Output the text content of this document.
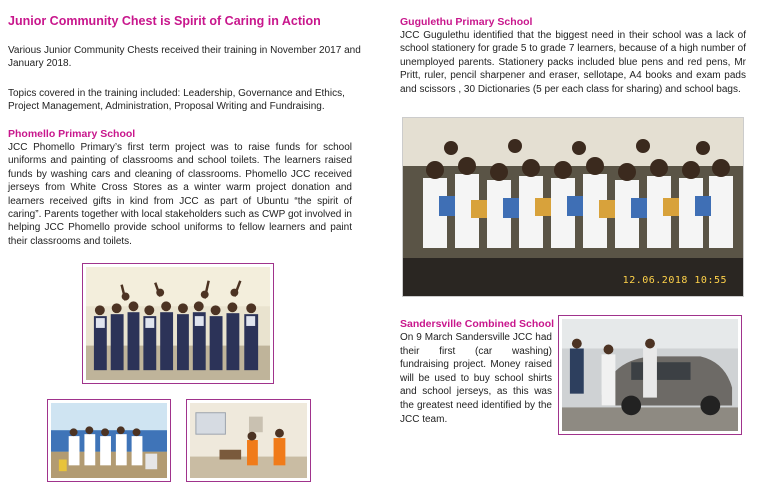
Junior Community Chest is Spirit of Caring in Action
Various Junior Community Chests received their training in November 2017 and January 2018.
Topics covered in the training included: Leadership, Governance and Ethics, Project Management, Administration, Proposal Writing and Fundraising.
Phomello Primary School
JCC Phomello Primary’s first term project was to raise funds for school uniforms and painting of classrooms and school toilets. The learners raised funds by washing cars and cleaning of classrooms. Phomello JCC received jerseys from White Cross Stores as a winter warm project donation and learners received gifts in kind from JCC as part of Ubuntu “the spirit of caring”. Parents together with local stakeholders such as CWP got involved in helping JCC Phomello provide school uniforms to fellow learners and paint their classrooms and toilets.
Gugulethu Primary School
JCC Gugulethu identified that the biggest need in their school was a lack of school stationery for grade 5 to grade 7 learners, because of a high number of unemployed parents. Stationery packs included blue pens and red pens, Mr Pritt, ruler, pencil sharpener and eraser, sellotape, A4 books and exam pads and scissors , 30 Dictionaries (5 per each class for sharing) and school bags.
12.06.2018 10:55
Sandersville Combined School
On 9 March Sandersville JCC had their first (car washing) fundraising project. Money raised will be used to buy school shirts and school jerseys, as this was the greatest need identified by the JCC team.
